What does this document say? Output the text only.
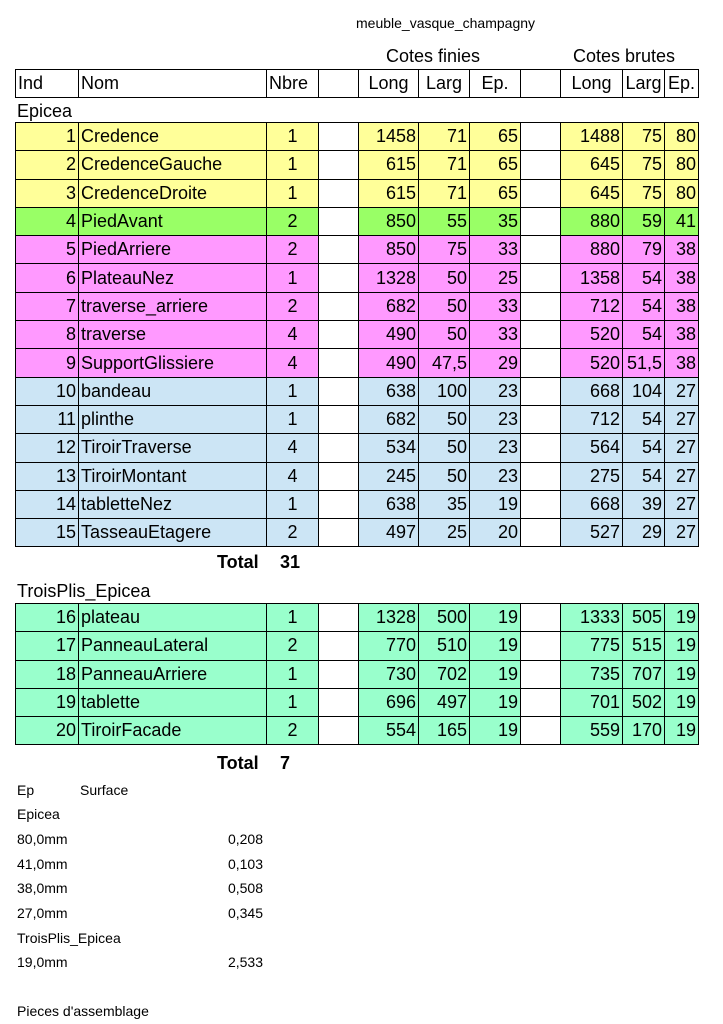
meuble_vasque_champagny
Cotes finies	Cotes brutes
Ind	Nom	Nbre		Long	Larg	Ep.		Long	Larg	Ep.
Epicea
1	Credence	1		1458	71	65		1488	75	80
2	CredenceGauche	1		615	71	65		645	75	80
3	CredenceDroite	1		615	71	65		645	75	80
4	PiedAvant	2		850	55	35		880	59	41
5	PiedArriere	2		850	75	33		880	79	38
6	PlateauNez	1		1328	50	25		1358	54	38
7	traverse_arriere	2		682	50	33		712	54	38
8	traverse	4		490	50	33		520	54	38
9	SupportGlissiere	4		490	47,5	29		520	51,5	38
10	bandeau	1		638	100	23		668	104	27
11	plinthe	1		682	50	23		712	54	27
12	TiroirTraverse	4		534	50	23		564	54	27
13	TiroirMontant	4		245	50	23		275	54	27
14	tabletteNez	1		638	35	19		668	39	27
15	TasseauEtagere	2		497	25	20		527	29	27
Total 31
TroisPlis_Epicea
16	plateau	1		1328	500	19		1333	505	19
17	PanneauLateral	2		770	510	19		775	515	19
18	PanneauArriere	1		730	702	19		735	707	19
19	tablette	1		696	497	19		701	502	19
20	TiroirFacade	2		554	165	19		559	170	19
Total 7
Ep	Surface
Epicea
80,0mm	0,208
41,0mm	0,103
38,0mm	0,508
27,0mm	0,345
TroisPlis_Epicea
19,0mm	2,533
Pieces d'assemblage
